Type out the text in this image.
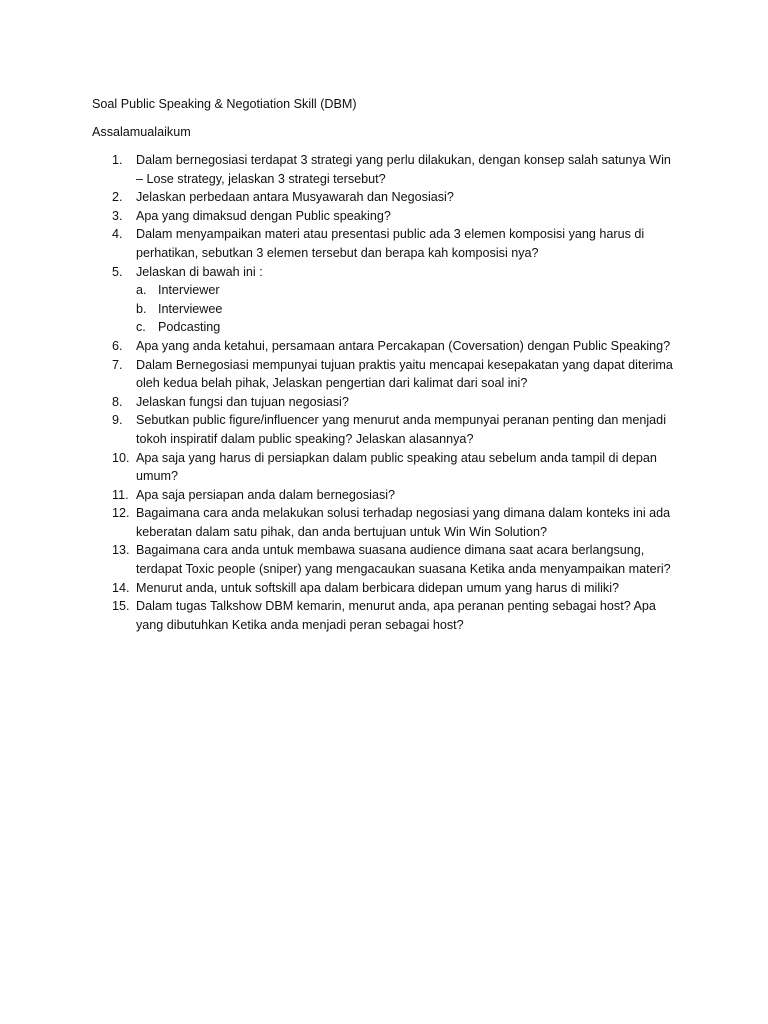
Soal Public Speaking & Negotiation Skill (DBM)
Assalamualaikum
1.	Dalam bernegosiasi terdapat 3 strategi yang perlu dilakukan, dengan konsep salah satunya Win – Lose strategy, jelaskan 3 strategi tersebut?
2.	Jelaskan perbedaan antara Musyawarah dan Negosiasi?
3.	Apa yang dimaksud dengan Public speaking?
4.	Dalam menyampaikan materi atau presentasi public ada 3 elemen komposisi yang harus di perhatikan, sebutkan 3 elemen tersebut dan berapa kah komposisi nya?
5.	Jelaskan di bawah ini :
a. Interviewer
b. Interviewee
c. Podcasting
6.	Apa yang anda ketahui, persamaan antara Percakapan (Coversation) dengan Public Speaking?
7.	Dalam Bernegosiasi mempunyai tujuan praktis yaitu mencapai kesepakatan yang dapat diterima oleh kedua belah pihak, Jelaskan pengertian dari kalimat dari soal ini?
8.	Jelaskan fungsi dan tujuan negosiasi?
9.	Sebutkan public figure/influencer yang menurut anda mempunyai peranan penting dan menjadi tokoh inspiratif dalam public speaking? Jelaskan alasannya?
10. Apa saja yang harus di persiapkan dalam public speaking atau sebelum anda tampil di depan umum?
11. Apa saja persiapan anda dalam bernegosiasi?
12. Bagaimana cara anda melakukan solusi terhadap negosiasi yang dimana dalam konteks ini ada keberatan dalam satu pihak, dan anda bertujuan untuk Win Win Solution?
13. Bagaimana cara anda untuk membawa suasana audience dimana saat acara berlangsung, terdapat Toxic people (sniper) yang mengacaukan suasana Ketika anda menyampaikan materi?
14. Menurut anda, untuk softskill apa dalam berbicara didepan umum yang harus di miliki?
15. Dalam tugas Talkshow DBM kemarin, menurut anda, apa peranan penting sebagai host? Apa yang dibutuhkan Ketika anda menjadi peran sebagai host?
